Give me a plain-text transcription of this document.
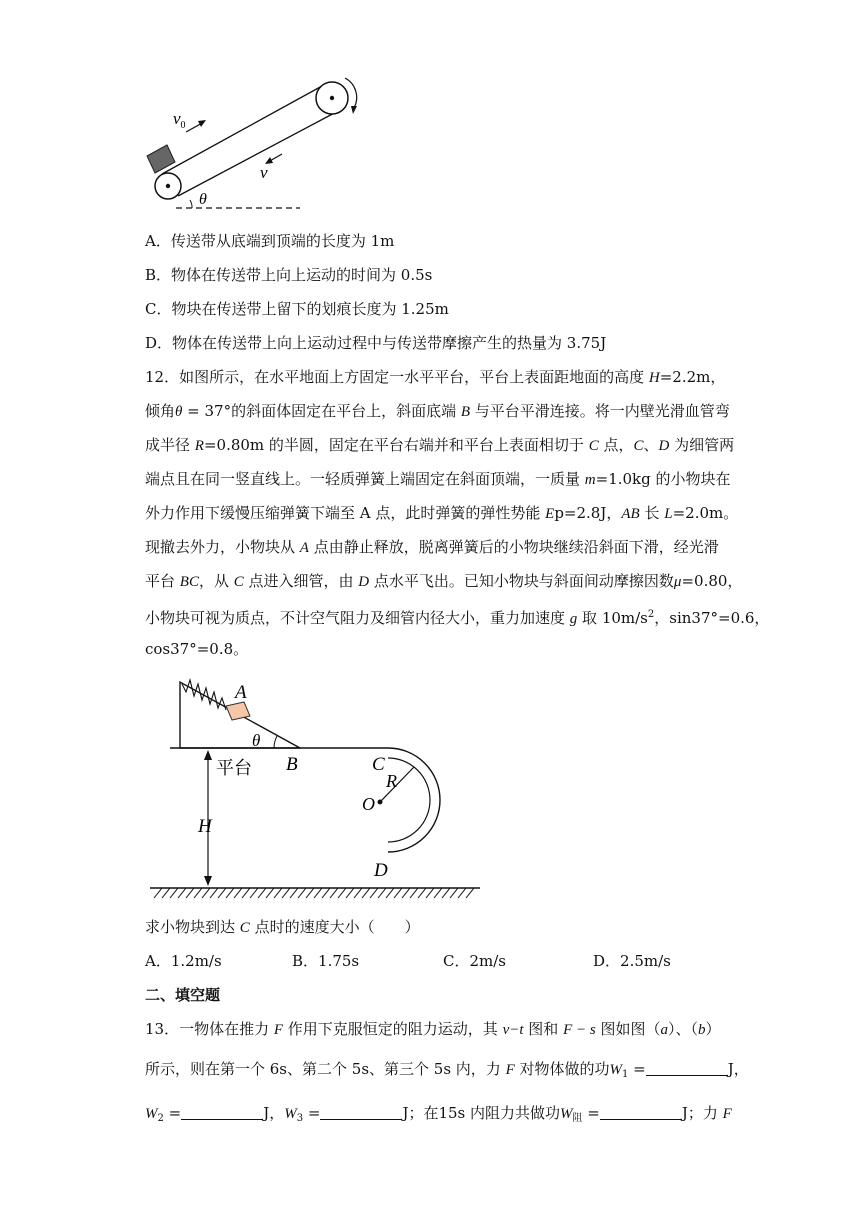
$v_0$
v
θ
A．传送带从底端到顶端的长度为 1m
B．物体在传送带上向上运动的时间为 0.5s
C．物块在传送带上留下的划痕长度为 1.25m
D．物体在传送带上向上运动过程中与传送带摩擦产生的热量为 3.75J
12．如图所示，在水平地面上方固定一水平平台，平台上表面距地面的高度 H=2.2m，
倾角θ = 37°的斜面体固定在平台上，斜面底端 B 与平台平滑连接。将一内壁光滑血管弯
成半径 R=0.80m 的半圆，固定在平台右端并和平台上表面相切于 C 点，C、D 为细管两
端点且在同一竖直线上。一轻质弹簧上端固定在斜面顶端，一质量 m=1.0kg 的小物块在
外力作用下缓慢压缩弹簧下端至 A 点，此时弹簧的弹性势能 Ep=2.8J，AB 长 L=2.0m。
现撤去外力，小物块从 A 点由静止释放，脱离弹簧后的小物块继续沿斜面下滑，经光滑
平台 BC，从 C 点进入细管，由 D 点水平飞出。已知小物块与斜面间动摩擦因数μ=0.80，
小物块可视为质点，不计空气阻力及细管内径大小，重力加速度 g 取 $10m/s^2$，sin37°=0.6，
cos37°=0.8。
A
θ
B
平台	C
R
O
H
D
求小物块到达 C 点时的速度大小（　　）
A．1.2m/s	B．1.75s	C．2m/s	D．2.5m/s
二、填空题
13．一物体在推力 F 作用下克服恒定的阻力运动，其 v−t 图和 F − s 图如图（a）、（b）
所示，则在第一个 6s、第二个 5s、第三个 5s 内，力 F 对物体做的功$W_1$ =	J，
$W_2$ =	J，$W_3$ =	J；在15s 内阻力共做功$W_阻$ =	J；力 F
